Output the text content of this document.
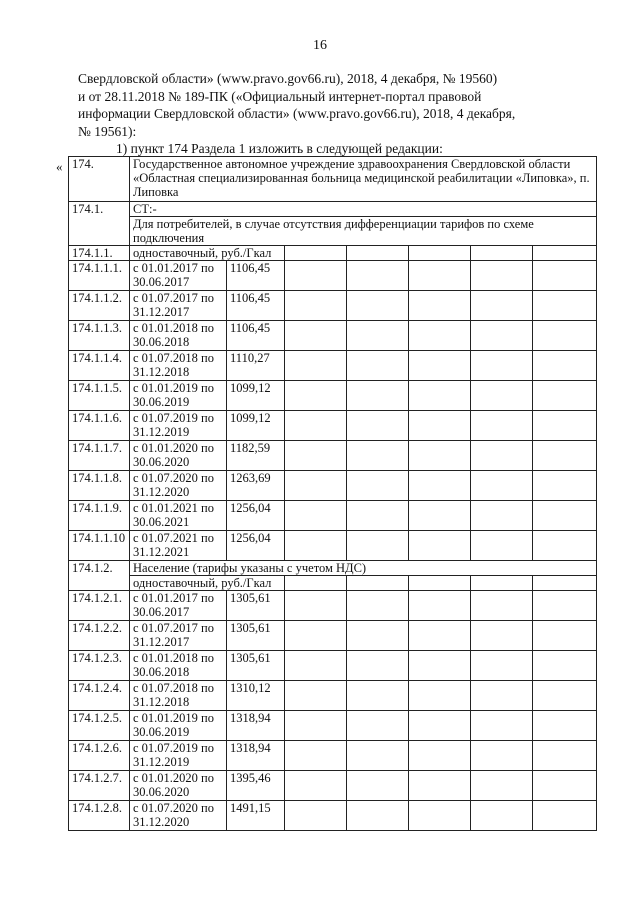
16
Свердловской области» (www.pravo.gov66.ru), 2018, 4 декабря, № 19560)
и от 28.11.2018 № 189-ПК («Официальный интернет-портал правовой
информации Свердловской области» (www.pravo.gov66.ru), 2018, 4 декабря,
№ 19561):
1) пункт 174 Раздела 1 изложить в следующей редакции:
« 174.	Государственное автономное учреждение здравоохранения Свердловской области «Областная специализированная больница медицинской реабилитации «Липовка», п. Липовка						
174.1.	СТ:-						
	Для потребителей, в случае отсутствия дифференциации тарифов по схеме подключения						
174.1.1.	одноставочный, руб./Гкал						
174.1.1.1.	с 01.01.2017 по 30.06.2017	1106,45					
174.1.1.2.	с 01.07.2017 по 31.12.2017	1106,45					
174.1.1.3.	с 01.01.2018 по 30.06.2018	1106,45					
174.1.1.4.	с 01.07.2018 по 31.12.2018	1110,27					
174.1.1.5.	с 01.01.2019 по 30.06.2019	1099,12					
174.1.1.6.	с 01.07.2019 по 31.12.2019	1099,12					
174.1.1.7.	с 01.01.2020 по 30.06.2020	1182,59					
174.1.1.8.	с 01.07.2020 по 31.12.2020	1263,69					
174.1.1.9.	с 01.01.2021 по 30.06.2021	1256,04					
174.1.1.10	с 01.07.2021 по 31.12.2021	1256,04					
174.1.2.	Население (тарифы указаны с учетом НДС)						
	одноставочный, руб./Гкал						
174.1.2.1.	с 01.01.2017 по 30.06.2017	1305,61					
174.1.2.2.	с 01.07.2017 по 31.12.2017	1305,61					
174.1.2.3.	с 01.01.2018 по 30.06.2018	1305,61					
174.1.2.4.	с 01.07.2018 по 31.12.2018	1310,12					
174.1.2.5.	с 01.01.2019 по 30.06.2019	1318,94					
174.1.2.6.	с 01.07.2019 по 31.12.2019	1318,94					
174.1.2.7.	с 01.01.2020 по 30.06.2020	1395,46					
174.1.2.8.	с 01.07.2020 по 31.12.2020	1491,15					
